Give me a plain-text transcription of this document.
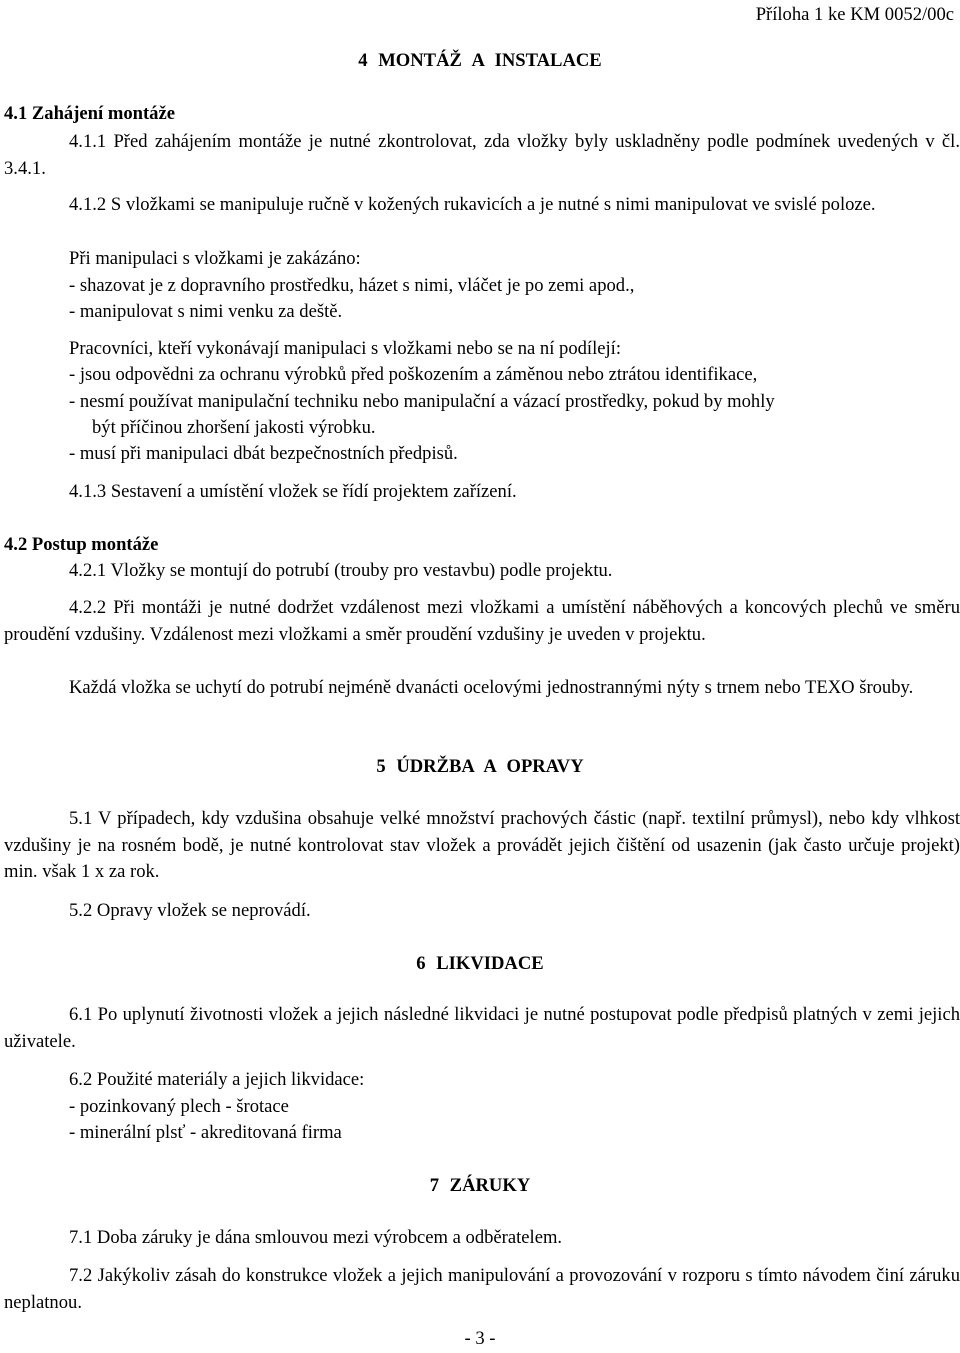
Příloha 1 ke KM 0052/00c
4 MONTÁŽ A INSTALACE
4.1 Zahájení montáže
4.1.1 Před zahájením montáže je nutné zkontrolovat, zda vložky byly uskladněny podle podmínek uvedených v čl. 3.4.1.
4.1.2 S vložkami se manipuluje ručně v kožených rukavicích a je nutné s nimi manipulovat ve svislé poloze.
Při manipulaci s vložkami je zakázáno:
- shazovat je z dopravního prostředku, házet s nimi, vláčet je po zemi apod.,
- manipulovat s nimi venku za deště.
Pracovníci, kteří vykonávají manipulaci s vložkami nebo se na ní podílejí:
- jsou odpovědni za ochranu výrobků před poškozením a záměnou nebo ztrátou identifikace,
- nesmí používat manipulační techniku nebo manipulační a vázací prostředky, pokud by mohly
být příčinou zhoršení jakosti výrobku.
- musí při manipulaci dbát bezpečnostních předpisů.
4.1.3 Sestavení a umístění vložek se řídí projektem zařízení.
4.2 Postup montáže
4.2.1 Vložky se montují do potrubí (trouby pro vestavbu) podle projektu.
4.2.2 Při montáži je nutné dodržet vzdálenost mezi vložkami a umístění náběhových a koncových plechů ve směru proudění vzdušiny. Vzdálenost mezi vložkami a směr proudění vzdušiny je uveden v projektu.
Každá vložka se uchytí do potrubí nejméně dvanácti ocelovými jednostrannými nýty s trnem nebo TEXO šrouby.
5 ÚDRŽBA A OPRAVY
5.1 V případech, kdy vzdušina obsahuje velké množství prachových částic (např. textilní průmysl), nebo kdy vlhkost vzdušiny je na rosném bodě, je nutné kontrolovat stav vložek a provádět jejich čištění od usazenin (jak často určuje projekt) min. však 1 x za rok.
5.2 Opravy vložek se neprovádí.
6 LIKVIDACE
6.1 Po uplynutí životnosti vložek a jejich následné likvidaci je nutné postupovat podle předpisů platných v zemi jejich uživatele.
6.2 Použité materiály a jejich likvidace:
- pozinkovaný plech - šrotace
- minerální plsť - akreditovaná firma
7 ZÁRUKY
7.1 Doba záruky je dána smlouvou mezi výrobcem a odběratelem.
7.2 Jakýkoliv zásah do konstrukce vložek a jejich manipulování a provozování v rozporu s tímto návodem činí záruku neplatnou.
- 3 -
